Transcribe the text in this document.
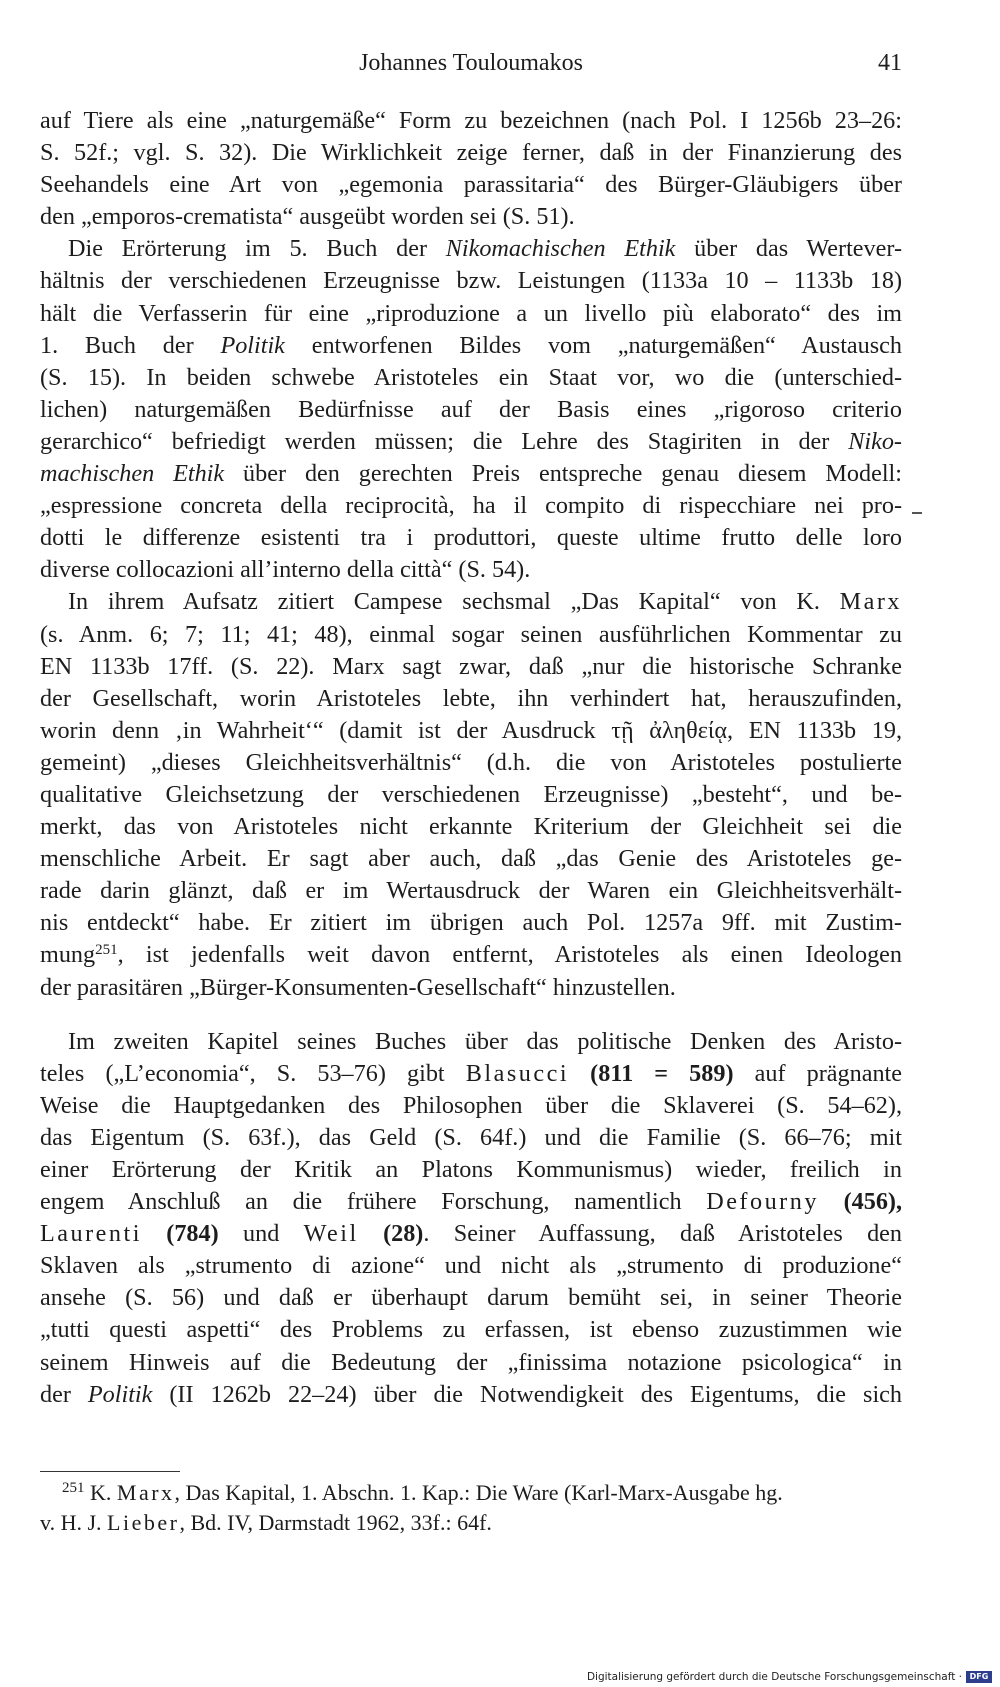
Johannes Touloumakos	41

auf Tiere als eine „naturgemäße“ Form zu bezeichnen (nach Pol. I 1256b 23–26:
S. 52f.; vgl. S. 32). Die Wirklichkeit zeige ferner, daß in der Finanzierung des
Seehandels eine Art von „egemonia parassitaria“ des Bürger-Gläubigers über
den „emporos-crematista“ ausgeübt worden sei (S. 51).

Die Erörterung im 5. Buch der Nikomachischen Ethik über das Wertever-
hältnis der verschiedenen Erzeugnisse bzw. Leistungen (1133a 10 – 1133b 18)
hält die Verfasserin für eine „riproduzione a un livello più elaborato“ des im
1. Buch der Politik entworfenen Bildes vom „naturgemäßen“ Austausch
(S. 15). In beiden schwebe Aristoteles ein Staat vor, wo die (unterschied-
lichen) naturgemäßen Bedürfnisse auf der Basis eines „rigoroso criterio
gerarchico“ befriedigt werden müssen; die Lehre des Stagiriten in der Niko-
machischen Ethik über den gerechten Preis entspreche genau diesem Modell:
„espressione concreta della reciprocità, ha il compito di rispecchiare nei pro-
dotti le differenze esistenti tra i produttori, queste ultime frutto delle loro
diverse collocazioni all’interno della città“ (S. 54).

In ihrem Aufsatz zitiert Campese sechsmal „Das Kapital“ von K. Marx
(s. Anm. 6; 7; 11; 41; 48), einmal sogar seinen ausführlichen Kommentar zu
EN 1133b 17ff. (S. 22). Marx sagt zwar, daß „nur die historische Schranke
der Gesellschaft, worin Aristoteles lebte, ihn verhindert hat, herauszufinden,
worin denn ‚in Wahrheit‘“ (damit ist der Ausdruck τῇ ἀληθείᾳ, EN 1133b 19,
gemeint) „dieses Gleichheitsverhältnis“ (d.h. die von Aristoteles postulierte
qualitative Gleichsetzung der verschiedenen Erzeugnisse) „besteht“, und be-
merkt, das von Aristoteles nicht erkannte Kriterium der Gleichheit sei die
menschliche Arbeit. Er sagt aber auch, daß „das Genie des Aristoteles ge-
rade darin glänzt, daß er im Wertausdruck der Waren ein Gleichheitsverhält-
nis entdeckt“ habe. Er zitiert im übrigen auch Pol. 1257a 9ff. mit Zustim-
mung$^{251}$, ist jedenfalls weit davon entfernt, Aristoteles als einen Ideologen
der parasitären „Bürger-Konsumenten-Gesellschaft“ hinzustellen.

Im zweiten Kapitel seines Buches über das politische Denken des Aristo-
teles („L’economia“, S. 53–76) gibt Blasucci (811 = 589) auf prägnante
Weise die Hauptgedanken des Philosophen über die Sklaverei (S. 54–62),
das Eigentum (S. 63f.), das Geld (S. 64f.) und die Familie (S. 66–76; mit
einer Erörterung der Kritik an Platons Kommunismus) wieder, freilich in
engem Anschluß an die frühere Forschung, namentlich Defourny (456),
Laurenti (784) und Weil (28). Seiner Auffassung, daß Aristoteles den
Sklaven als „strumento di azione“ und nicht als „strumento di produzione“
ansehe (S. 56) und daß er überhaupt darum bemüht sei, in seiner Theorie
„tutti questi aspetti“ des Problems zu erfassen, ist ebenso zuzustimmen wie
seinem Hinweis auf die Bedeutung der „finissima notazione psicologica“ in
der Politik (II 1262b 22–24) über die Notwendigkeit des Eigentums, die sich

$^{251}$ K. Marx, Das Kapital, 1. Abschn. 1. Kap.: Die Ware (Karl-Marx-Ausgabe hg.
v. H. J. Lieber, Bd. IV, Darmstadt 1962, 33f.: 64f.
Digitalisierung gefördert durch die Deutsche Forschungsgemeinschaft · DFG
